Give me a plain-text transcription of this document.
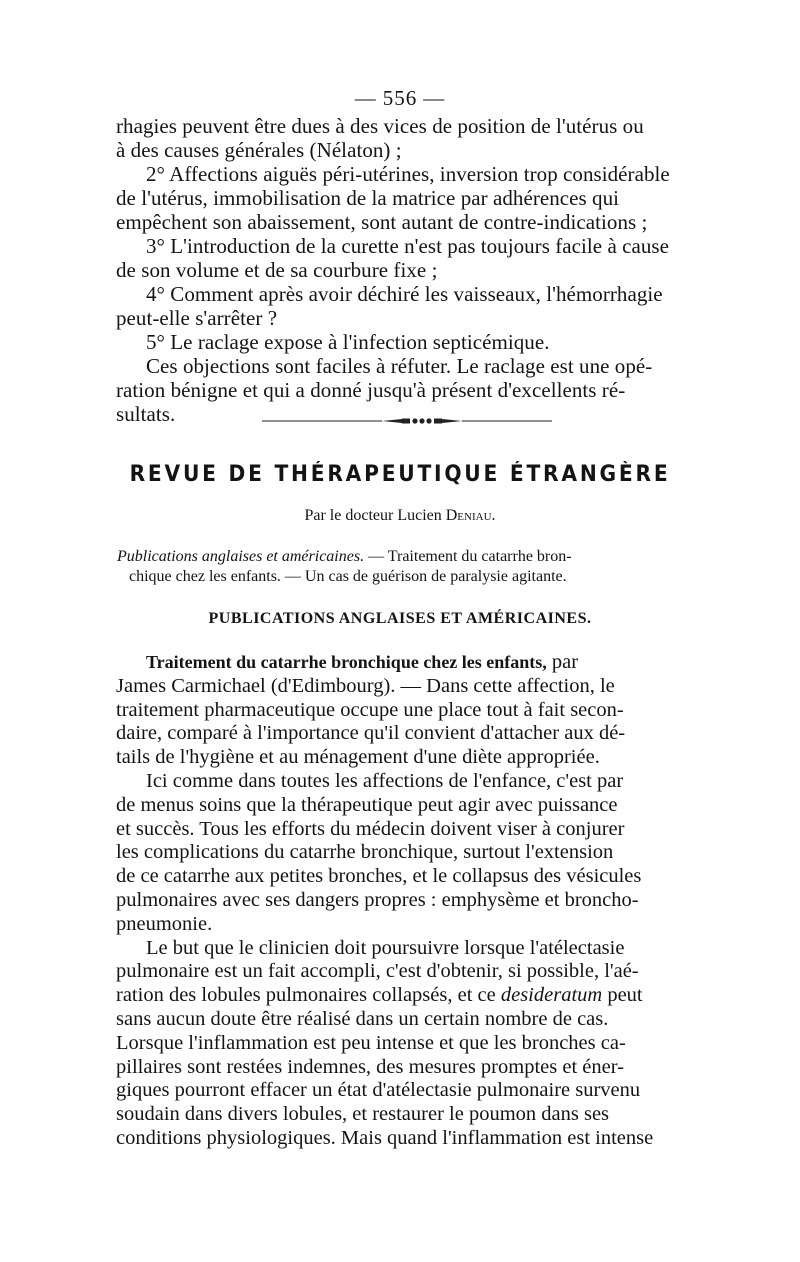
— 556 —
rhagies peuvent être dues à des vices de position de l'utérus ou
à des causes générales (Nélaton) ;
2° Affections aiguës péri-utérines, inversion trop considérable
de l'utérus, immobilisation de la matrice par adhérences qui
empêchent son abaissement, sont autant de contre-indications ;
3° L'introduction de la curette n'est pas toujours facile à cause
de son volume et de sa courbure fixe ;
4° Comment après avoir déchiré les vaisseaux, l'hémorrhagie
peut-elle s'arrêter ?
5° Le raclage expose à l'infection septicémique.
Ces objections sont faciles à réfuter. Le raclage est une opé-
ration bénigne et qui a donné jusqu'à présent d'excellents ré-
sultats.
REVUE DE THÉRAPEUTIQUE ÉTRANGÈRE
Par le docteur Lucien Deniau.
Publications anglaises et américaines. — Traitement du catarrhe bron-
chique chez les enfants. — Un cas de guérison de paralysie agitante.
PUBLICATIONS ANGLAISES ET AMÉRICAINES.
Traitement du catarrhe bronchique chez les enfants, par
James Carmichael (d'Edimbourg). — Dans cette affection, le
traitement pharmaceutique occupe une place tout à fait secon-
daire, comparé à l'importance qu'il convient d'attacher aux dé-
tails de l'hygiène et au ménagement d'une diète appropriée.
Ici comme dans toutes les affections de l'enfance, c'est par
de menus soins que la thérapeutique peut agir avec puissance
et succès. Tous les efforts du médecin doivent viser à conjurer
les complications du catarrhe bronchique, surtout l'extension
de ce catarrhe aux petites bronches, et le collapsus des vésicules
pulmonaires avec ses dangers propres : emphysème et broncho-
pneumonie.
Le but que le clinicien doit poursuivre lorsque l'atélectasie
pulmonaire est un fait accompli, c'est d'obtenir, si possible, l'aé-
ration des lobules pulmonaires collapsés, et ce desideratum peut
sans aucun doute être réalisé dans un certain nombre de cas.
Lorsque l'inflammation est peu intense et que les bronches ca-
pillaires sont restées indemnes, des mesures promptes et éner-
giques pourront effacer un état d'atélectasie pulmonaire survenu
soudain dans divers lobules, et restaurer le poumon dans ses
conditions physiologiques. Mais quand l'inflammation est intense
